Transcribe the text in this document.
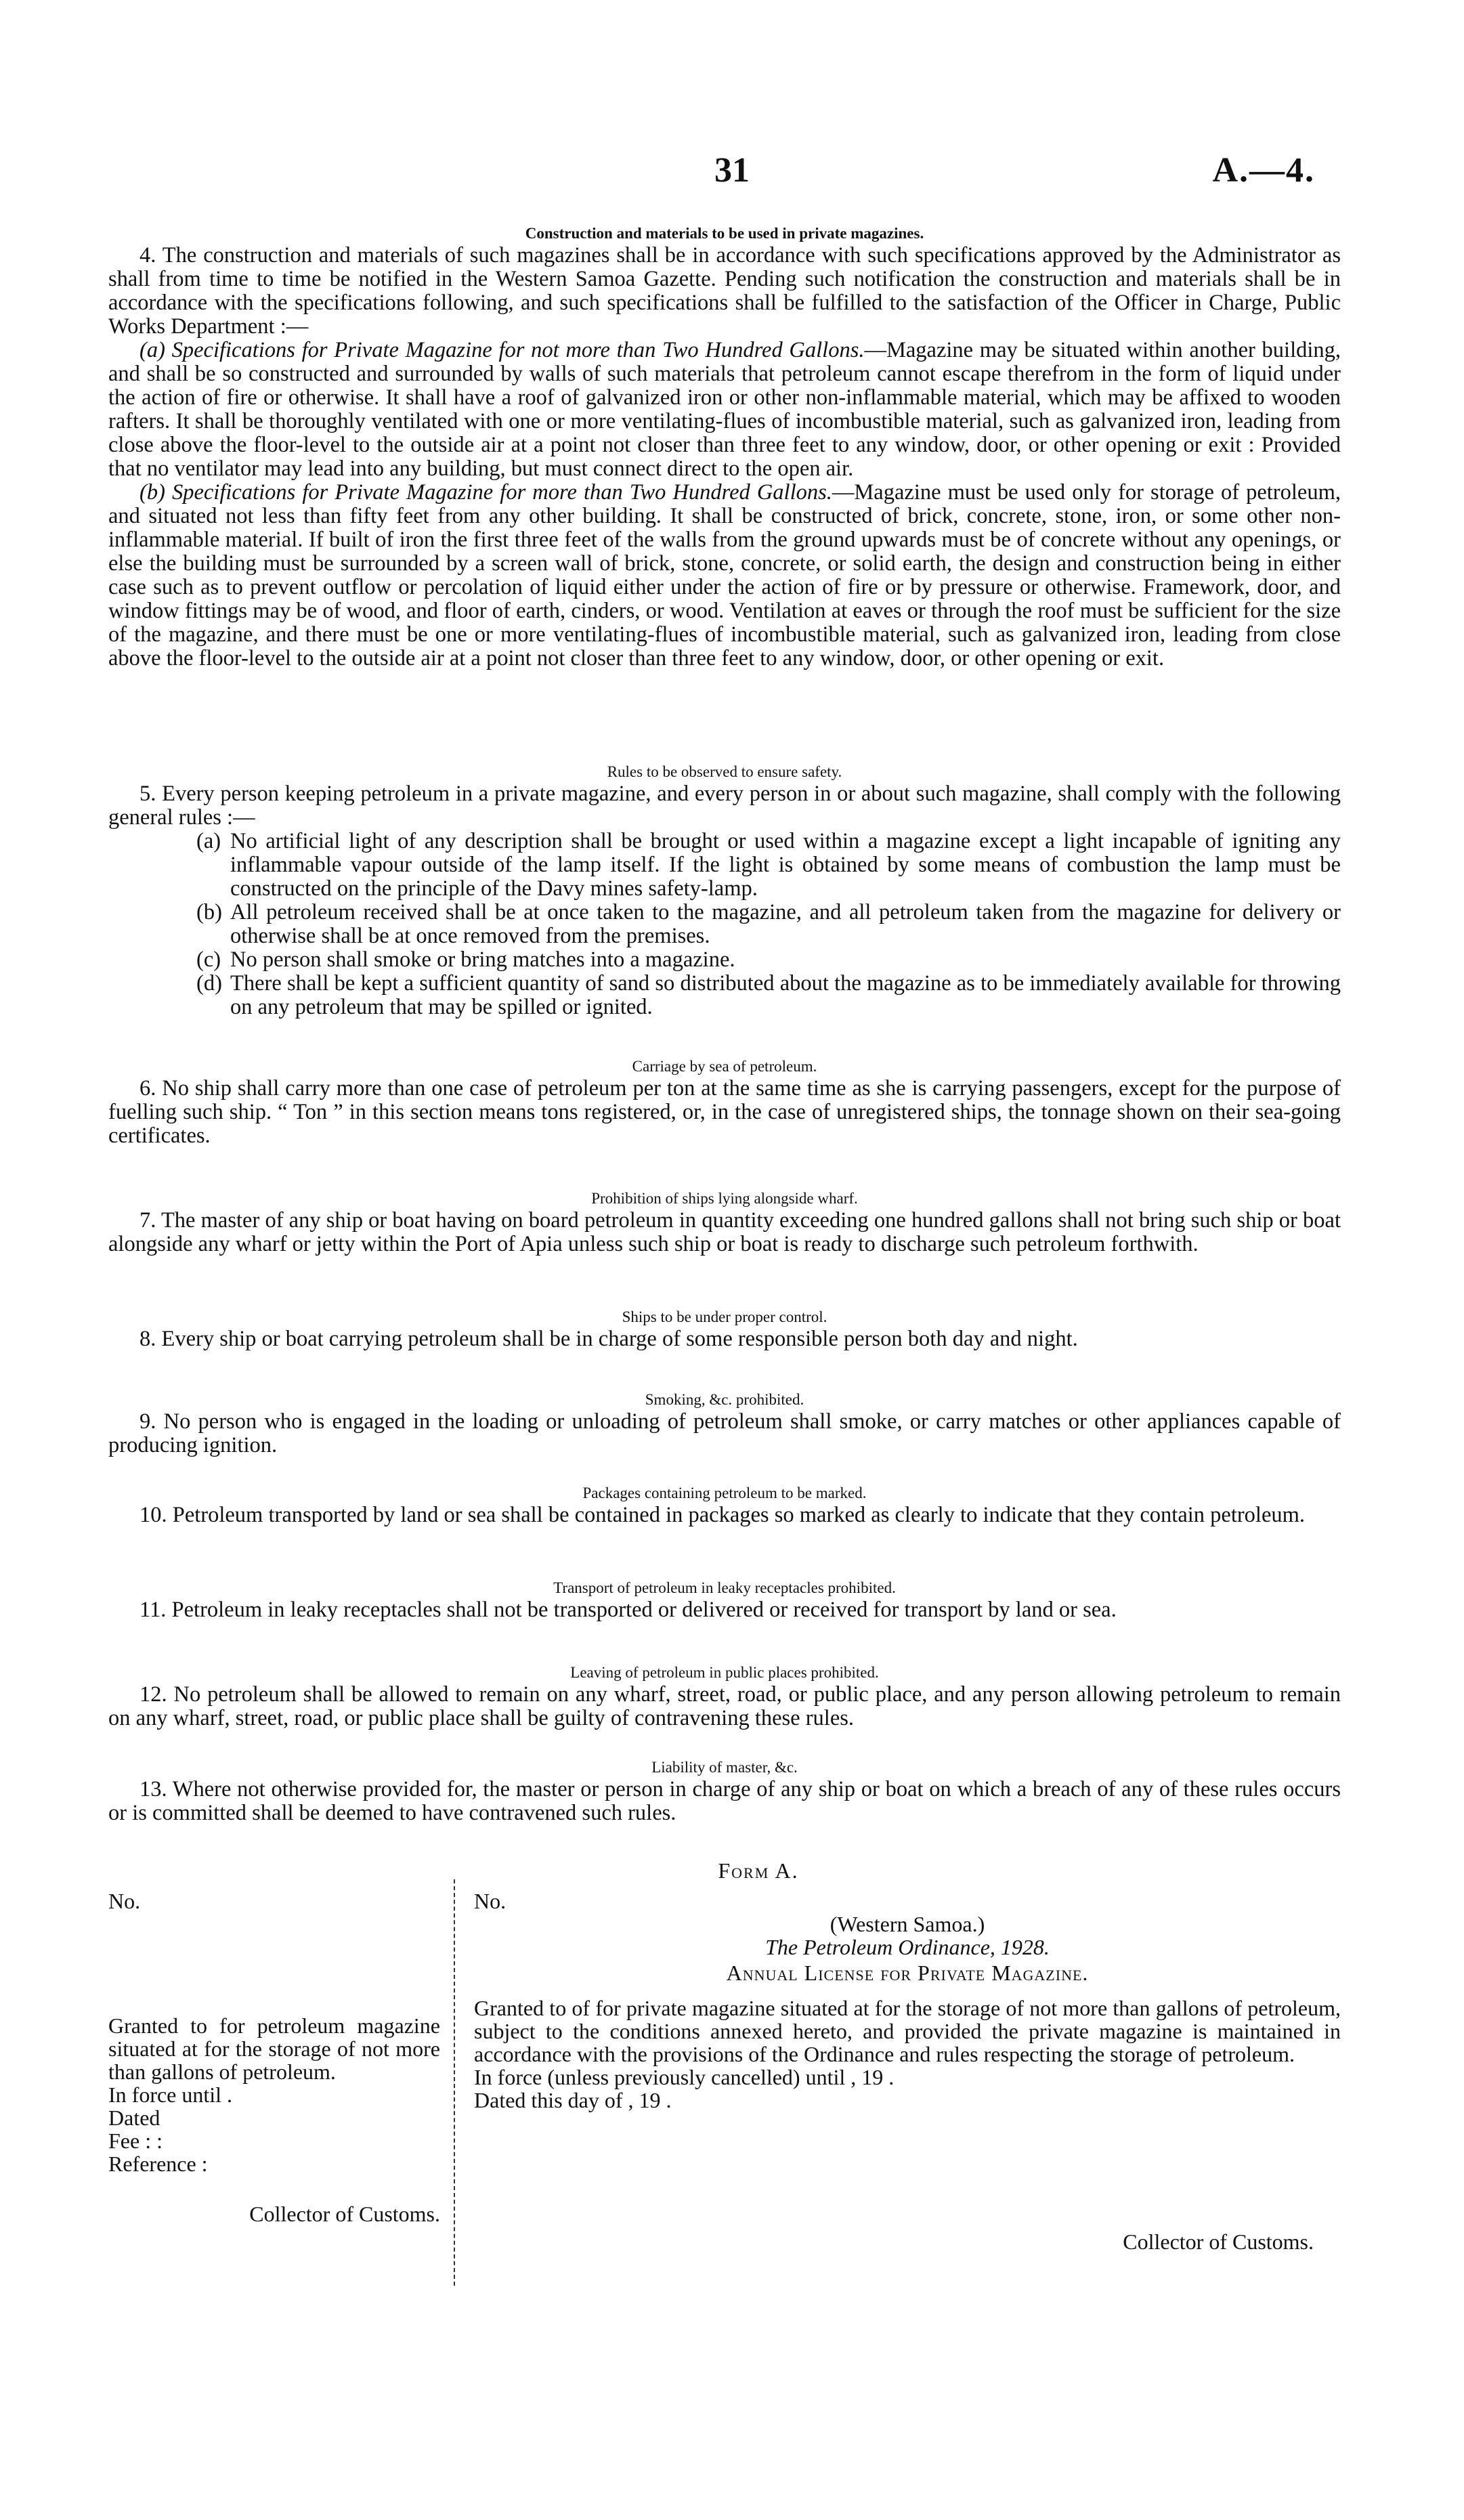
31	A.—4.
Construction and materials to be used in private magazines.

4. The construction and materials of such magazines shall be in accordance with such specifications approved by the Administrator as shall from time to time be notified in the Western Samoa Gazette. Pending such notification the construction and materials shall be in accordance with the specifications following, and such specifications shall be fulfilled to the satisfaction of the Officer in Charge, Public Works Department :—

(a) Specifications for Private Magazine for not more than Two Hundred Gallons.—Magazine may be situated within another building, and shall be so constructed and surrounded by walls of such materials that petroleum cannot escape therefrom in the form of liquid under the action of fire or otherwise. It shall have a roof of galvanized iron or other non-inflammable material, which may be affixed to wooden rafters. It shall be thoroughly ventilated with one or more ventilating-flues of incombustible material, such as galvanized iron, leading from close above the floor-level to the outside air at a point not closer than three feet to any window, door, or other opening or exit : Provided that no ventilator may lead into any building, but must connect direct to the open air.

(b) Specifications for Private Magazine for more than Two Hundred Gallons.—Magazine must be used only for storage of petroleum, and situated not less than fifty feet from any other building. It shall be constructed of brick, concrete, stone, iron, or some other non-inflammable material. If built of iron the first three feet of the walls from the ground upwards must be of concrete without any openings, or else the building must be surrounded by a screen wall of brick, stone, concrete, or solid earth, the design and construction being in either case such as to prevent outflow or percolation of liquid either under the action of fire or by pressure or otherwise. Framework, door, and window fittings may be of wood, and floor of earth, cinders, or wood. Ventilation at eaves or through the roof must be sufficient for the size of the magazine, and there must be one or more ventilating-flues of incombustible material, such as galvanized iron, leading from close above the floor-level to the outside air at a point not closer than three feet to any window, door, or other opening or exit.

Rules to be observed to ensure safety.

5. Every person keeping petroleum in a private magazine, and every person in or about such magazine, shall comply with the following general rules :—

(a) No artificial light of any description shall be brought or used within a magazine except a light incapable of igniting any inflammable vapour outside of the lamp itself. If the light is obtained by some means of combustion the lamp must be constructed on the principle of the Davy mines safety-lamp.
(b) All petroleum received shall be at once taken to the magazine, and all petroleum taken from the magazine for delivery or otherwise shall be at once removed from the premises.
(c) No person shall smoke or bring matches into a magazine.
(d) There shall be kept a sufficient quantity of sand so distributed about the magazine as to be immediately available for throwing on any petroleum that may be spilled or ignited.
Carriage by sea of petroleum.

6. No ship shall carry more than one case of petroleum per ton at the same time as she is carrying passengers, except for the purpose of fuelling such ship. “ Ton ” in this section means tons registered, or, in the case of unregistered ships, the tonnage shown on their sea-going certificates.

Prohibition of ships lying alongside wharf.

7. The master of any ship or boat having on board petroleum in quantity exceeding one hundred gallons shall not bring such ship or boat alongside any wharf or jetty within the Port of Apia unless such ship or boat is ready to discharge such petroleum forthwith.

Ships to be under proper control.

8. Every ship or boat carrying petroleum shall be in charge of some responsible person both day and night.

Smoking, &c. prohibited.

9. No person who is engaged in the loading or unloading of petroleum shall smoke, or carry matches or other appliances capable of producing ignition.

Packages containing petroleum to be marked.

10. Petroleum transported by land or sea shall be contained in packages so marked as clearly to indicate that they contain petroleum.

Transport of petroleum in leaky receptacles prohibited.

11. Petroleum in leaky receptacles shall not be transported or delivered or received for transport by land or sea.

Leaving of petroleum in public places prohibited.

12. No petroleum shall be allowed to remain on any wharf, street, road, or public place, and any person allowing petroleum to remain on any wharf, street, road, or public place shall be guilty of contravening these rules.

Liability of master, &c.

13. Where not otherwise provided for, the master or person in charge of any ship or boat on which a breach of any of these rules occurs or is committed shall be deemed to have contravened such rules.

Form A.
No.
Granted to for petroleum magazine situated at for the storage of not more than gallons of petroleum.
In force until .
Dated
Fee : :
Reference :
Collector of Customs.
No.
(Western Samoa.)
The Petroleum Ordinance, 1928.
Annual License for Private Magazine.
Granted to of for private magazine situated at for the storage of not more than gallons of petroleum, subject to the conditions annexed hereto, and provided the private magazine is maintained in accordance with the provisions of the Ordinance and rules respecting the storage of petroleum.
In force (unless previously cancelled) until , 19 .
Dated this day of , 19 .
Collector of Customs.
